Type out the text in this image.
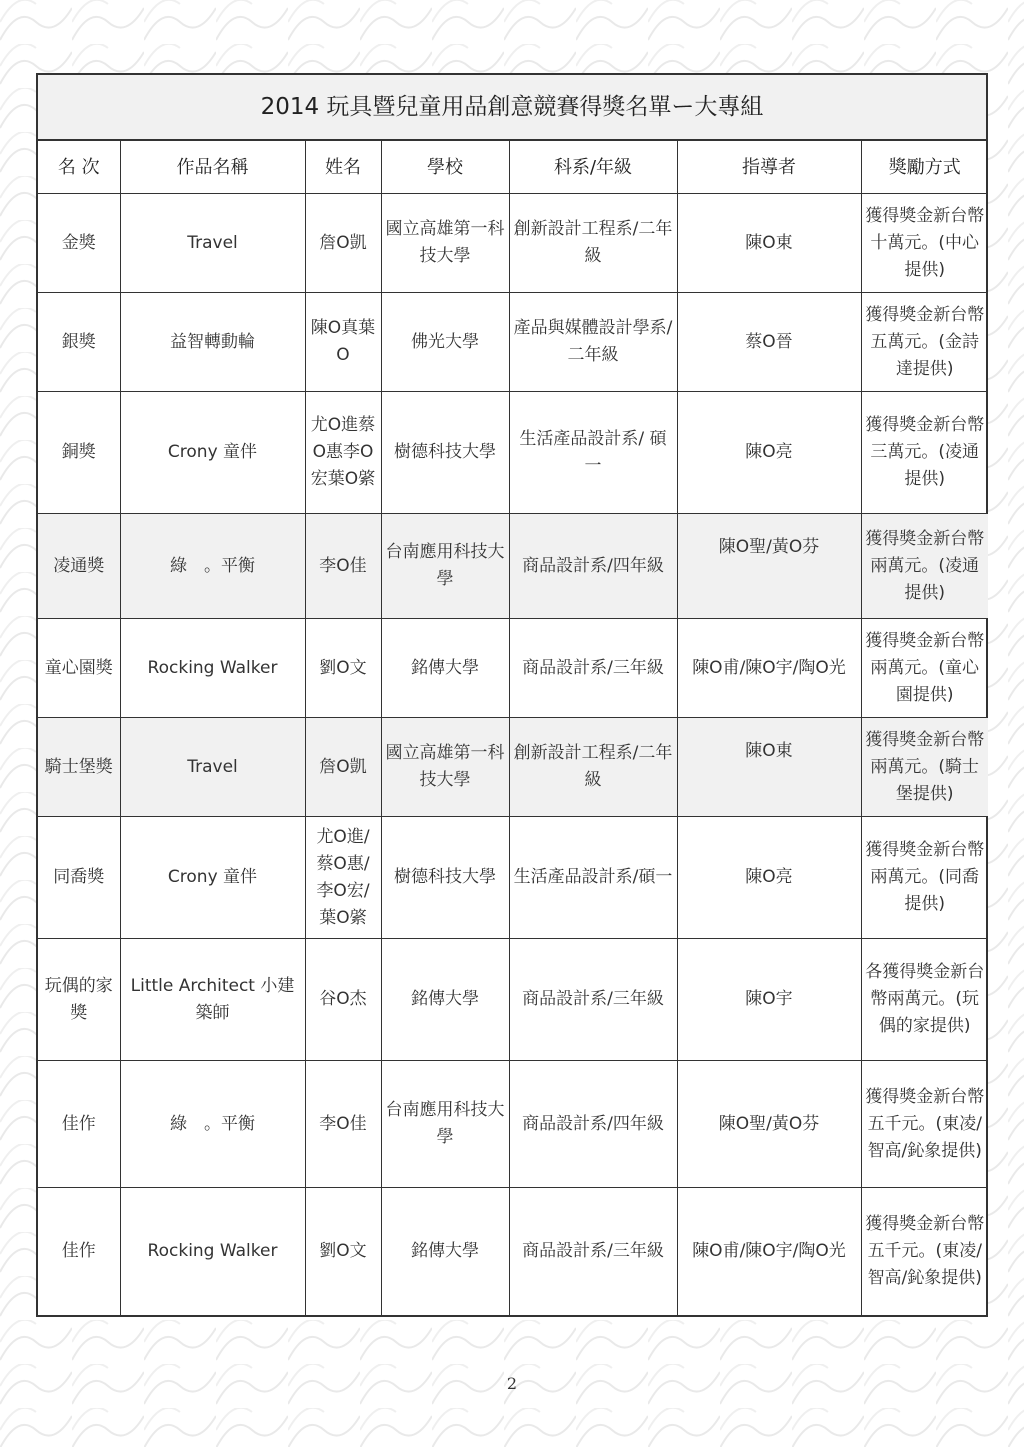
2014 玩具暨兒童用品創意競賽得獎名單ー大專組
名 次	作品名稱	姓名	學校	科系/年級	指導者	獎勵方式
金獎	Travel	詹O凱	國立高雄第一科技大學	創新設計工程系/二年級	陳O東	獲得獎金新台幣十萬元。(中心提供)
銀獎	益智轉動輪	陳O真葉O	佛光大學	產品與媒體設計學系/二年級	蔡O晉	獲得獎金新台幣五萬元。(金詩達提供)
銅獎	Crony 童伴	尤O進蔡O惠李O宏葉O綮	樹德科技大學	生活產品設計系/ 碩一	陳O亮	獲得獎金新台幣三萬元。(凌通提供)
凌通獎	綠　。平衡	李O佳	台南應用科技大學	商品設計系/四年級	陳O聖/黃O芬	獲得獎金新台幣兩萬元。(凌通提供)
童心園獎	Rocking Walker	劉O文	銘傳大學	商品設計系/三年級	陳O甫/陳O宇/陶O光	獲得獎金新台幣兩萬元。(童心園提供)
騎士堡獎	Travel	詹O凱	國立高雄第一科技大學	創新設計工程系/二年級	陳O東	獲得獎金新台幣兩萬元。(騎士堡提供)
同喬獎	Crony 童伴	尤O進/蔡O惠/李O宏/葉O綮	樹德科技大學	生活產品設計系/碩一	陳O亮	獲得獎金新台幣兩萬元。(同喬提供)
玩偶的家獎	Little Architect 小建築師	谷O杰	銘傳大學	商品設計系/三年級	陳O宇	各獲得獎金新台幣兩萬元。(玩偶的家提供)
佳作	綠　。平衡	李O佳	台南應用科技大學	商品設計系/四年級	陳O聖/黃O芬	獲得獎金新台幣五千元。(東凌/智高/鈊象提供)
佳作	Rocking Walker	劉O文	銘傳大學	商品設計系/三年級	陳O甫/陳O宇/陶O光	獲得獎金新台幣五千元。(東凌/智高/鈊象提供)
2
